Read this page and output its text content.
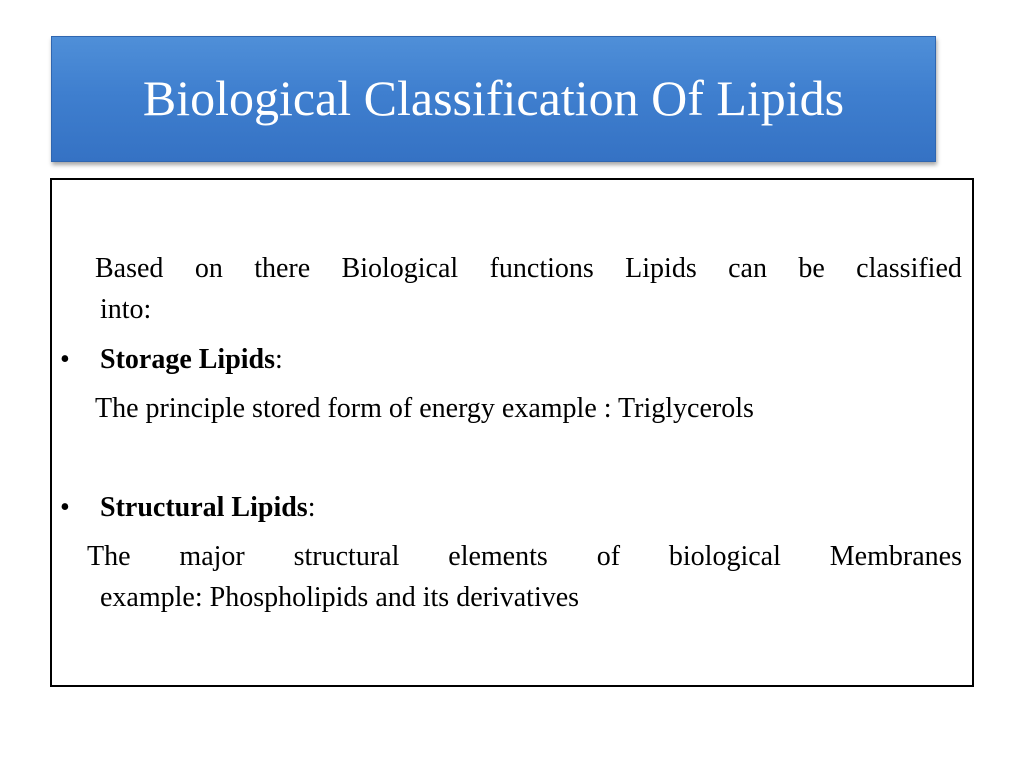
Biological Classification Of Lipids
Based on there Biological functions Lipids can be classified
into:
• Storage Lipids:
The principle stored form of energy example : Triglycerols
• Structural Lipids:
The major structural elements of biological Membranes
example: Phospholipids and its derivatives
